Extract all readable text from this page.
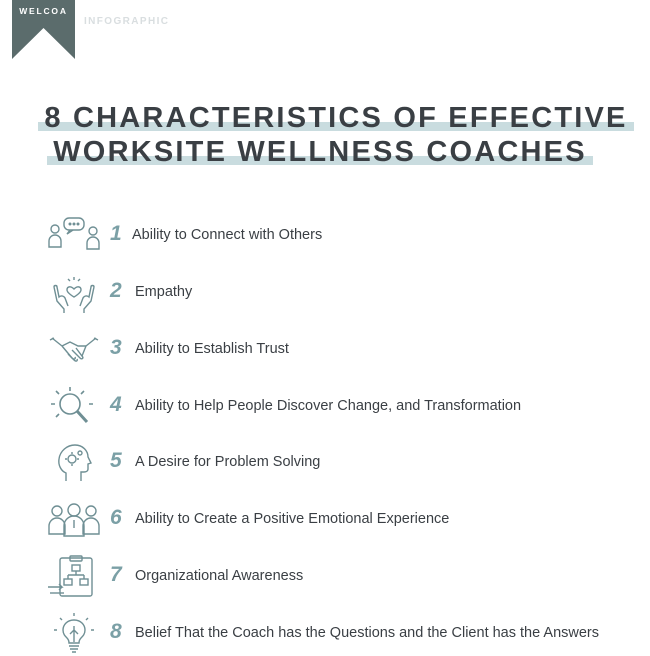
WELCOA
INFOGRAPHIC
8 CHARACTERISTICS OF EFFECTIVE

WORKSITE WELLNESS COACHES
1 Ability to Connect with Others
2 Empathy
3 Ability to Establish Trust
4 Ability to Help People Discover Change, and Transformation
5 A Desire for Problem Solving
6 Ability to Create a Positive Emotional Experience
7 Organizational Awareness
8 Belief That the Coach has the Questions and the Client has the Answers
